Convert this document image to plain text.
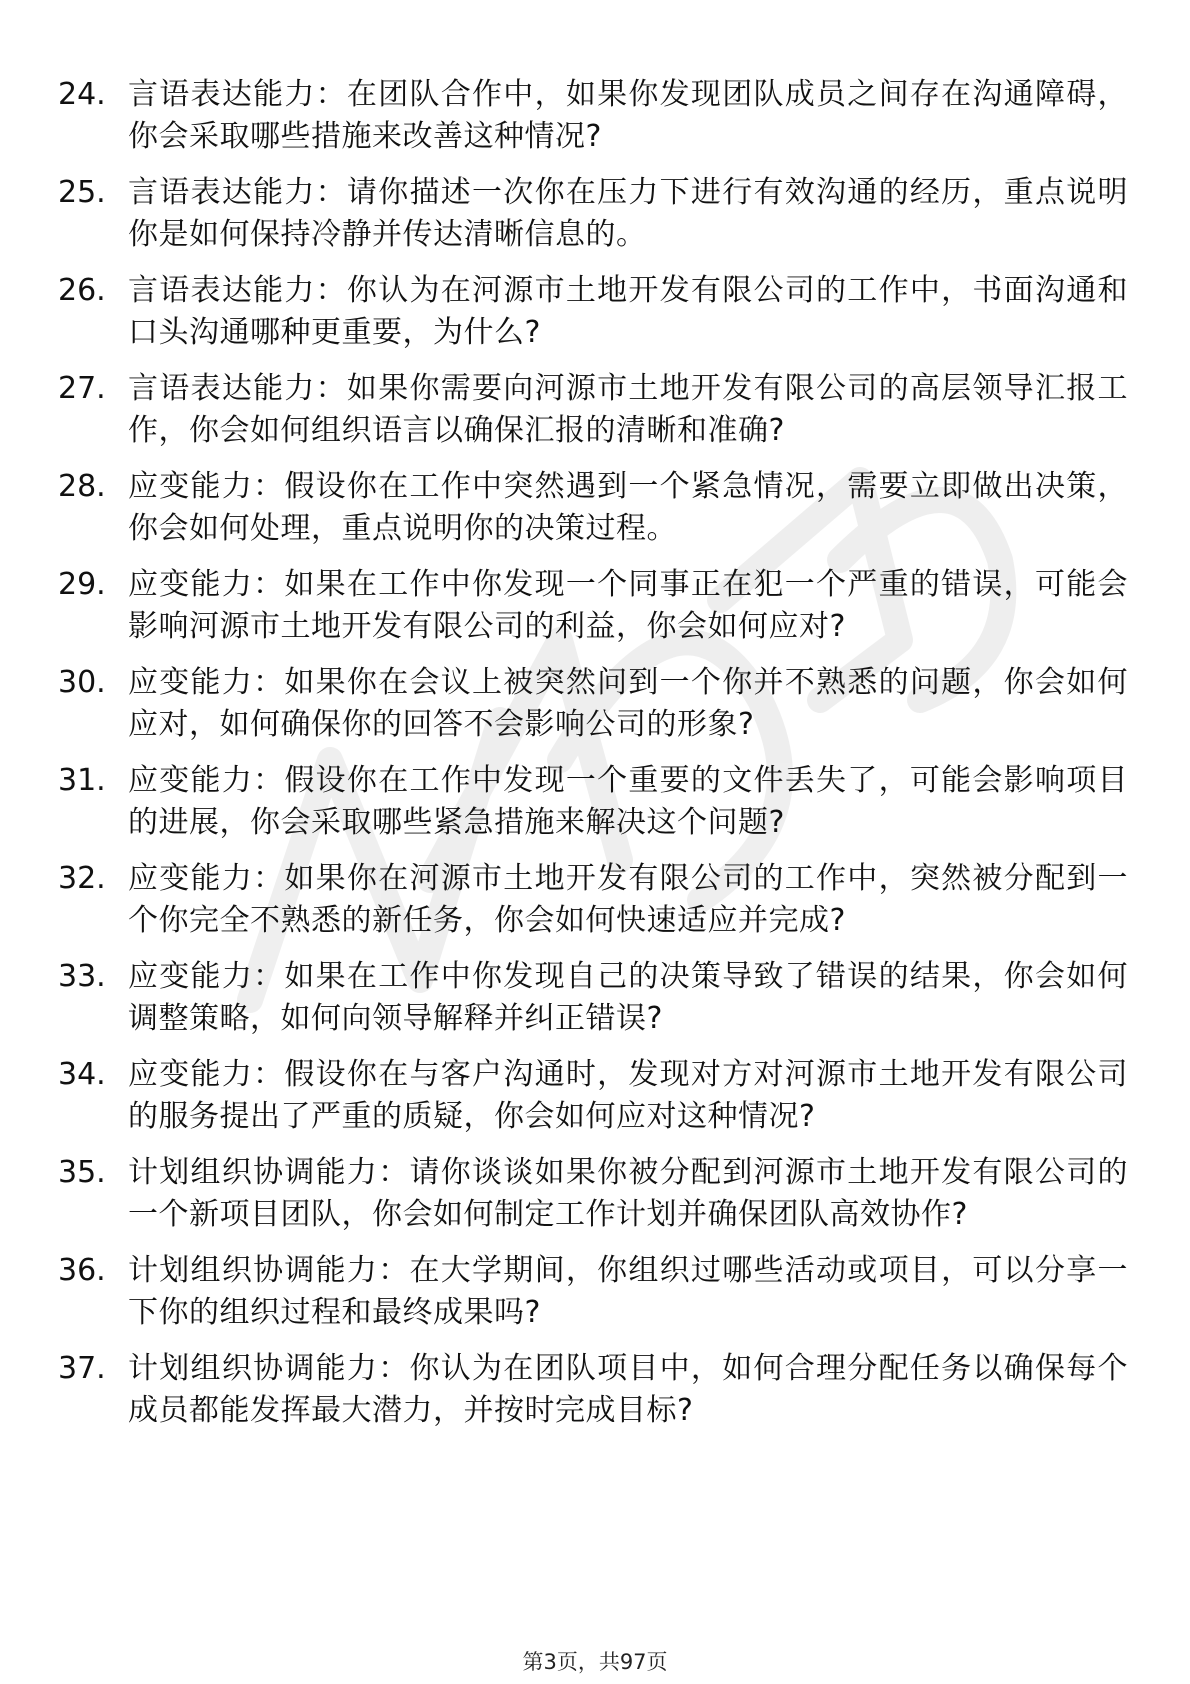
24. 言语表达能力：在团队合作中，如果你发现团队成员之间存在沟通障碍，你会采取哪些措施来改善这种情况?
25. 言语表达能力：请你描述一次你在压力下进行有效沟通的经历，重点说明你是如何保持冷静并传达清晰信息的。
26. 言语表达能力：你认为在河源市土地开发有限公司的工作中，书面沟通和口头沟通哪种更重要，为什么?
27. 言语表达能力：如果你需要向河源市土地开发有限公司的高层领导汇报工作，你会如何组织语言以确保汇报的清晰和准确?
28. 应变能力：假设你在工作中突然遇到一个紧急情况，需要立即做出决策，你会如何处理，重点说明你的决策过程。
29. 应变能力：如果在工作中你发现一个同事正在犯一个严重的错误，可能会影响河源市土地开发有限公司的利益，你会如何应对?
30. 应变能力：如果你在会议上被突然问到一个你并不熟悉的问题，你会如何应对，如何确保你的回答不会影响公司的形象?
31. 应变能力：假设你在工作中发现一个重要的文件丢失了，可能会影响项目的进展，你会采取哪些紧急措施来解决这个问题?
32. 应变能力：如果你在河源市土地开发有限公司的工作中，突然被分配到一个你完全不熟悉的新任务，你会如何快速适应并完成?
33. 应变能力：如果在工作中你发现自己的决策导致了错误的结果，你会如何调整策略，如何向领导解释并纠正错误?
34. 应变能力：假设你在与客户沟通时，发现对方对河源市土地开发有限公司的服务提出了严重的质疑，你会如何应对这种情况?
35. 计划组织协调能力：请你谈谈如果你被分配到河源市土地开发有限公司的一个新项目团队，你会如何制定工作计划并确保团队高效协作?
36. 计划组织协调能力：在大学期间，你组织过哪些活动或项目，可以分享一下你的组织过程和最终成果吗?
37. 计划组织协调能力：你认为在团队项目中，如何合理分配任务以确保每个成员都能发挥最大潜力，并按时完成目标?
第3页，共97页
